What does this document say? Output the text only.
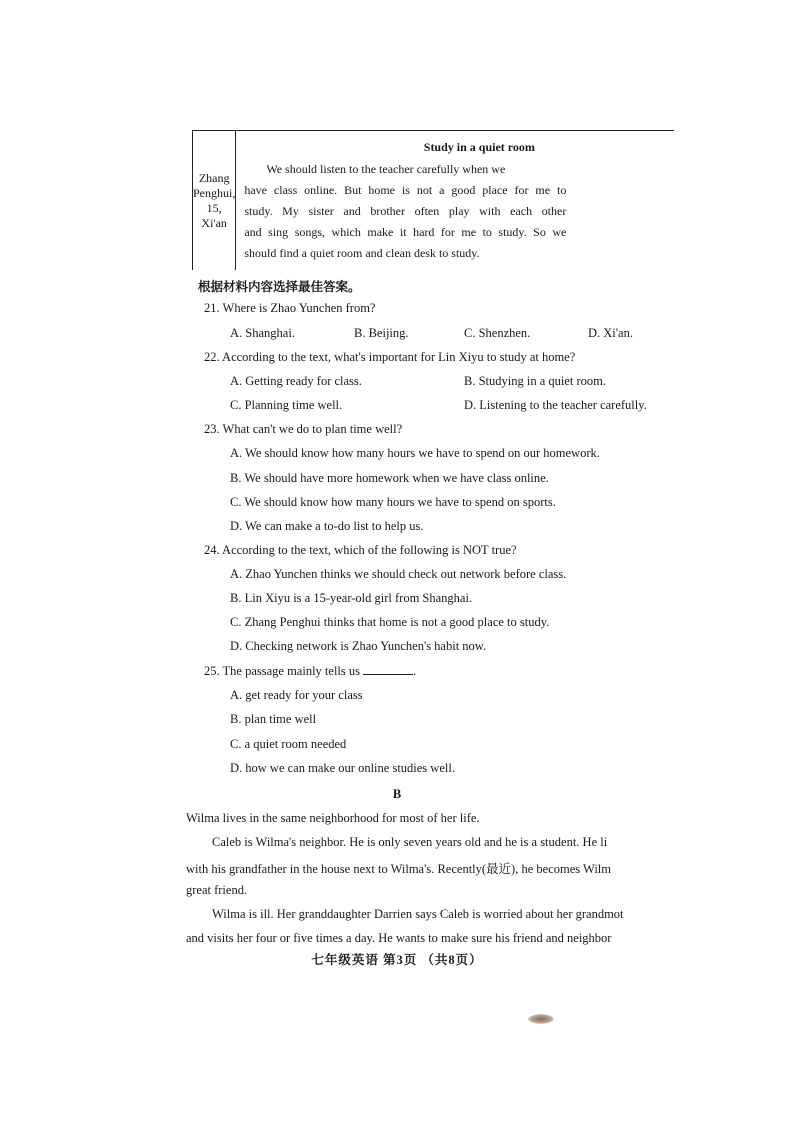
Zhang Penghui, 15, Xi'an	
Study in a quiet room
We should listen to the teacher carefully when we
have class online. But home is not a good place for me to
study. My sister and brother often play with each other
and sing songs, which make it hard for me to study. So we
should find a quiet room and clean desk to study.
根据材料内容选择最佳答案。
21. Where is Zhao Yunchen from?
A. Shanghai.	B. Beijing.	C. Shenzhen.	D. Xi'an.
22. According to the text, what's important for Lin Xiyu to study at home?
A. Getting ready for class.	B. Studying in a quiet room.
C. Planning time well.	D. Listening to the teacher carefully.
23. What can't we do to plan time well?
A. We should know how many hours we have to spend on our homework.
B. We should have more homework when we have class online.
C. We should know how many hours we have to spend on sports.
D. We can make a to-do list to help us.
24. According to the text, which of the following is NOT true?
A. Zhao Yunchen thinks we should check out network before class.
B. Lin Xiyu is a 15-year-old girl from Shanghai.
C. Zhang Penghui thinks that home is not a good place to study.
D. Checking network is Zhao Yunchen's habit now.
25. The passage mainly tells us	.
A. get ready for your class
B. plan time well
C. a quiet room needed
D. how we can make our online studies well.
B
Wilma lives in the same neighborhood for most of her life.
Caleb is Wilma's neighbor. He is only seven years old and he is a student. He li
with his grandfather in the house next to Wilma's. Recently(最近), he becomes Wilm
great friend.
Wilma is ill. Her granddaughter Darrien says Caleb is worried about her grandmot
and visits her four or five times a day. He wants to make sure his friend and neighbor
七年级英语 第3页 （共8页）
